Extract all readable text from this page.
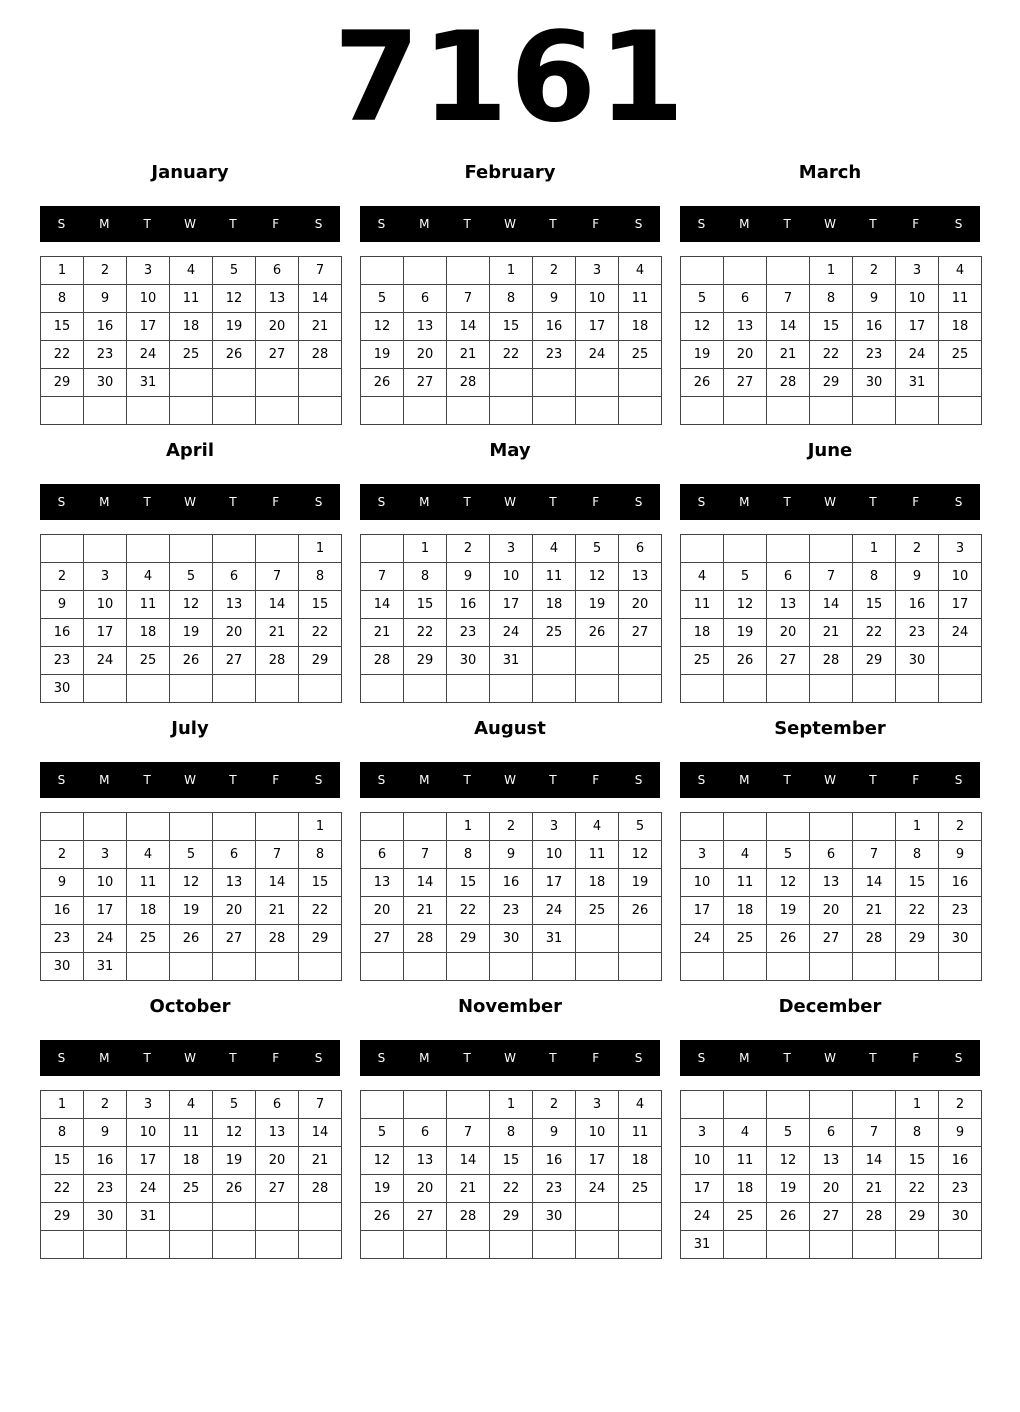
7161
January
S	M	T	W	T	F	S
1	2	3	4	5	6	7
8	9	10	11	12	13	14
15	16	17	18	19	20	21
22	23	24	25	26	27	28
29	30	31				

February
S	M	T	W	T	F	S
			1	2	3	4
5	6	7	8	9	10	11
12	13	14	15	16	17	18
19	20	21	22	23	24	25
26	27	28				

March
S	M	T	W	T	F	S
			1	2	3	4
5	6	7	8	9	10	11
12	13	14	15	16	17	18
19	20	21	22	23	24	25
26	27	28	29	30	31	

April
S	M	T	W	T	F	S
						1
2	3	4	5	6	7	8
9	10	11	12	13	14	15
16	17	18	19	20	21	22
23	24	25	26	27	28	29
30						
May
S	M	T	W	T	F	S
	1	2	3	4	5	6
7	8	9	10	11	12	13
14	15	16	17	18	19	20
21	22	23	24	25	26	27
28	29	30	31			

June
S	M	T	W	T	F	S
				1	2	3
4	5	6	7	8	9	10
11	12	13	14	15	16	17
18	19	20	21	22	23	24
25	26	27	28	29	30	

July
S	M	T	W	T	F	S
						1
2	3	4	5	6	7	8
9	10	11	12	13	14	15
16	17	18	19	20	21	22
23	24	25	26	27	28	29
30	31					
August
S	M	T	W	T	F	S
		1	2	3	4	5
6	7	8	9	10	11	12
13	14	15	16	17	18	19
20	21	22	23	24	25	26
27	28	29	30	31		

September
S	M	T	W	T	F	S
					1	2
3	4	5	6	7	8	9
10	11	12	13	14	15	16
17	18	19	20	21	22	23
24	25	26	27	28	29	30

October
S	M	T	W	T	F	S
1	2	3	4	5	6	7
8	9	10	11	12	13	14
15	16	17	18	19	20	21
22	23	24	25	26	27	28
29	30	31				

November
S	M	T	W	T	F	S
			1	2	3	4
5	6	7	8	9	10	11
12	13	14	15	16	17	18
19	20	21	22	23	24	25
26	27	28	29	30		

December
S	M	T	W	T	F	S
					1	2
3	4	5	6	7	8	9
10	11	12	13	14	15	16
17	18	19	20	21	22	23
24	25	26	27	28	29	30
31						
